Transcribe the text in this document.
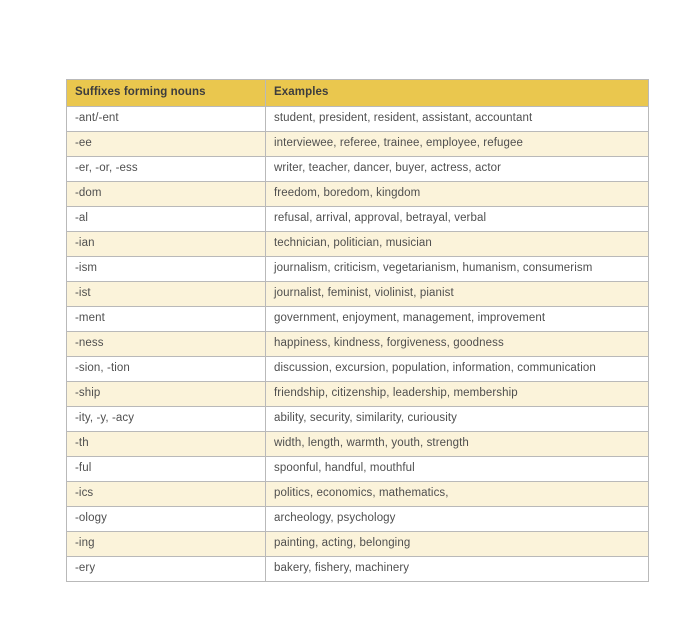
Suffixes forming nouns	Examples
-ant/-ent	student, president, resident, assistant, accountant
-ee	interviewee, referee, trainee, employee, refugee
-er, -or, -ess	writer, teacher, dancer, buyer, actress, actor
-dom	freedom, boredom, kingdom
-al	refusal, arrival, approval, betrayal, verbal
-ian	technician, politician, musician
-ism	journalism, criticism, vegetarianism, humanism, consumerism
-ist	journalist, feminist, violinist, pianist
-ment	government, enjoyment, management, improvement
-ness	happiness, kindness, forgiveness, goodness
-sion, -tion	discussion, excursion, population, information, communication
-ship	friendship, citizenship, leadership, membership
-ity, -y, -acy	ability, security, similarity, curiousity
-th	width, length, warmth, youth, strength
-ful	spoonful, handful, mouthful
-ics	politics, economics, mathematics,
-ology	archeology, psychology
-ing	painting, acting, belonging
-ery	bakery, fishery, machinery
